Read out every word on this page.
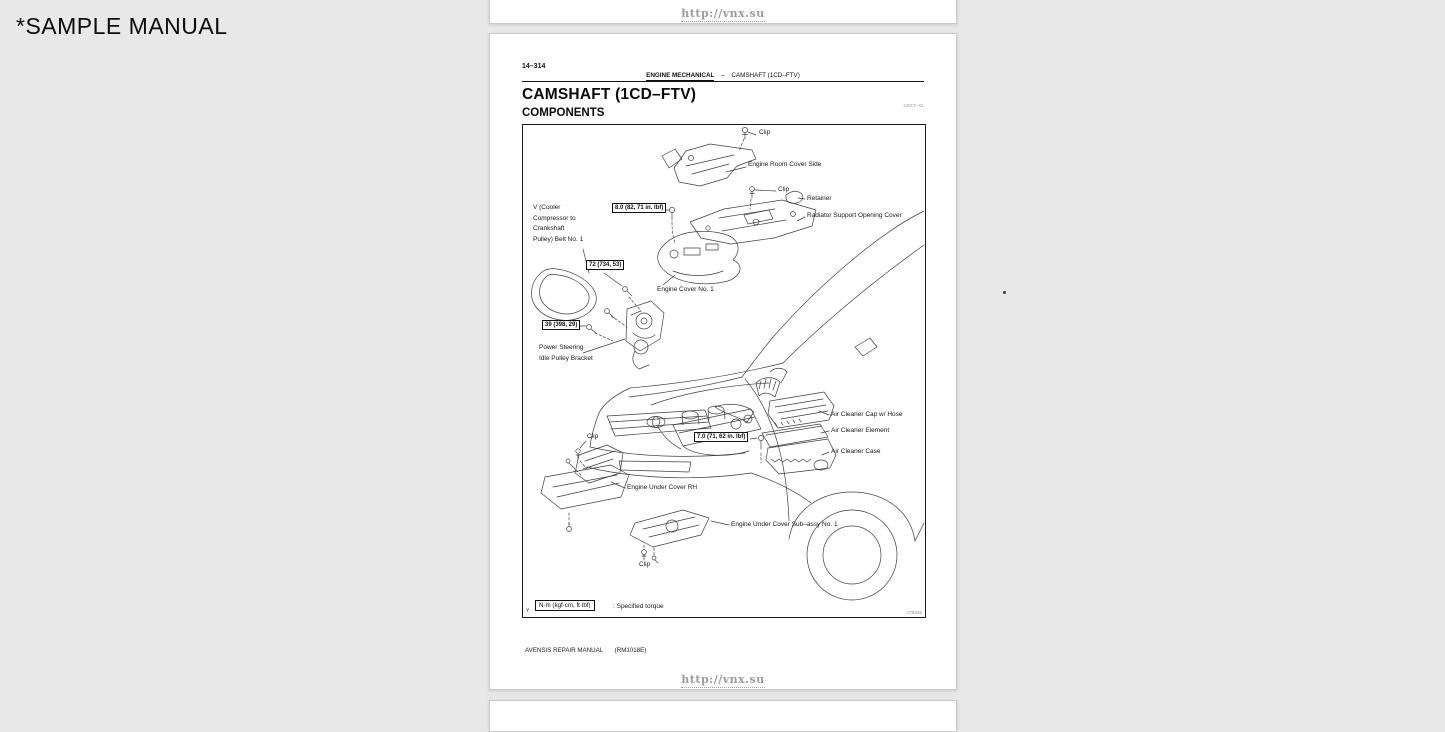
*SAMPLE MANUAL	http://vnx.su
14–314
ENGINE MECHANICAL – CAMSHAFT (1CD–FTV)
CAMSHAFT (1CD–FTV)
COMPONENTS
140CF–01
Clip
Engine Room Cover Side
Clip
Retainer
Radiator Support Opening Cover
V (Cooler
Compressor to
Crankshaft
Pulley) Belt No. 1
Engine Cover No. 1
Power Steering
Idle Pulley Bracket
Air Cleaner Cap w/ Hose
Air Cleaner Element
Air Cleaner Case
Clip
Engine Under Cover RH
Engine Under Cover Sub–assy No. 1
Clip
8.0 (82, 71 in. lbf)
72 (734, 53)
39 (398, 29)
7.0 (71, 62 in. lbf)
Y
N·m (kgf·cm, ft·lbf)	: Specified torque
A79426
AVENSIS REPAIR MANUAL (RM1018E)
http://vnx.su
